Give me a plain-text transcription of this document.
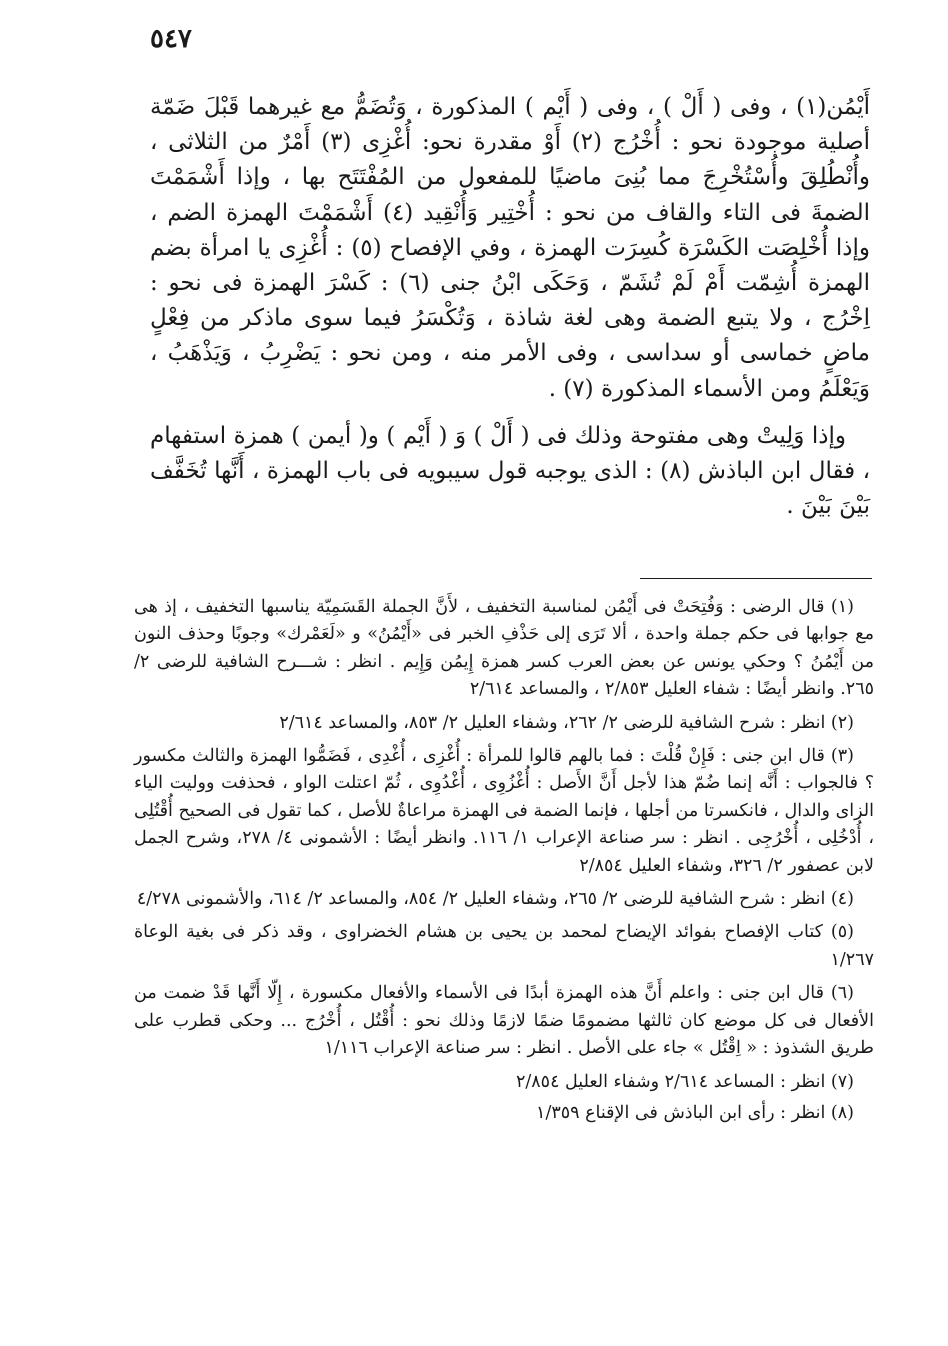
٥٤٧

أَيْمُن(١) ، وفى ( أَلْ ) ، وفى ( أَيْم ) المذكورة ، وَتُضَمُّ مع غيرهما قَبْلَ ضَمّة أصلية موجودة نحو : أُخْرُج (٢) أَوْ مقدرة نحو: أُغْزِى (٣) أَمْرٌ من الثلاثى ، وأُنْطُلِقَ وأُسْتُخْرِجَ مما بُنِىَ ماضيًا للمفعول من المُفْتَتَح بها ، وإذا أَشْمَمْتَ الضمةَ فى التاء والقاف من نحو : أُخْتِير وَأُنْقِيد (٤) أَشْمَمْتَ الهمزة الضم ، وإذا أُخْلِصَت الكَسْرَة كُسِرَت الهمزة ، وفي الإفصاح (٥) : أُغْزِى يا امرأة بضم الهمزة أُشِمّت أَمْ لَمْ تُشَمّ ، وَحَكَى ابْنُ جنى (٦) : كَسْرَ الهمزة فى نحو : اِخْرُج ، ولا يتبع الضمة وهى لغة شاذة ، وَتُكْسَرُ فيما سوى ماذكر من فِعْلٍ ماضٍ خماسى أو سداسى ، وفى الأمر منه ، ومن نحو : يَضْرِبُ ، وَيَذْهَبُ ، وَيَعْلَمُ ومن الأسماء المذكورة (٧) .

وإذا وَلِيتْ وهى مفتوحة وذلك فى ( أَلْ ) وَ ( أَيْم ) و( أيمن ) همزة استفهام ، فقال ابن الباذش (٨) : الذى يوجبه قول سيبويه فى باب الهمزة ، أَنَّها تُخَفَّف بَيْنَ بَيْنَ .

(١) قال الرضى : وَفُتِحَتْ فى أَيْمُن لمناسبة التخفيف ، لأَنَّ الجملة القَسَمِيّة يناسبها التخفيف ، إذ هى مع جوابها فى حكم جملة واحدة ، ألا تَرَى إلى حَذْفِ الخبر فى «أَيْمُنُ» و «لَعَمْرك» وجوبًا وحذف النون من أَيْمُنُ ؟ وحكي يونس عن بعض العرب كسر همزة إِيمُن وَإِيم . انظر : شـــرح الشافية للرضى ٢/ ٢٦٥. وانظر أيضًا : شفاء العليل ٢/٨٥٣ ، والمساعد ٢/٦١٤

(٢) انظر : شرح الشافية للرضى ٢/ ٢٦٢، وشفاء العليل ٢/ ٨٥٣، والمساعد ٢/٦١٤

(٣) قال ابن جنى : فَإِنْ قُلْتَ : فما بالهم قالوا للمرأة : أُغْزِى ، أُغْدِى ، فَضَمُّوا الهمزة والثالث مكسور ؟ فالجواب : أَنَّه إنما ضُمّ هذا لأجل أَنَّ الأَصل : أُغْزُوِى ، أُغْدُوِى ، ثُمّ اعتلت الواو ، فحذفت ووليت الياء الزاى والدال ، فانكسرتا من أجلها ، فإنما الضمة فى الهمزة مراعاةٌ للأصل ، كما تقول فى الصحيح أُقْتُلِى ، أُدْخُلِى ، أُخْرُجِى . انظر : سر صناعة الإعراب ١/ ١١٦. وانظر أيضًا : الأشمونى ٤/ ٢٧٨، وشرح الجمل لابن عصفور ٢/ ٣٢٦، وشفاء العليل ٢/٨٥٤

(٤) انظر : شرح الشافية للرضى ٢/ ٢٦٥، وشفاء العليل ٢/ ٨٥٤، والمساعد ٢/ ٦١٤، والأشمونى ٤/٢٧٨

(٥) كتاب الإفصاح بفوائد الإيضاح لمحمد بن يحيى بن هشام الخضراوى ، وقد ذكر فى بغية الوعاة ١/٢٦٧

(٦) قال ابن جنى : واعلم أَنَّ هذه الهمزة أبدًا فى الأسماء والأفعال مكسورة ، إِلّا أَنَّها قَدْ ضمت من الأفعال فى كل موضع كان ثالثها مضمومًا ضمًا لازمًا وذلك نحو : أُقْتُل ، أُخْرُج ... وحكى قطرب على طريق الشذوذ : « اِقْتُل » جاء على الأصل . انظر : سر صناعة الإعراب ١/١١٦

(٧) انظر : المساعد ٢/٦١٤ وشفاء العليل ٢/٨٥٤

(٨) انظر : رأى ابن الباذش فى الإقناع ١/٣٥٩
